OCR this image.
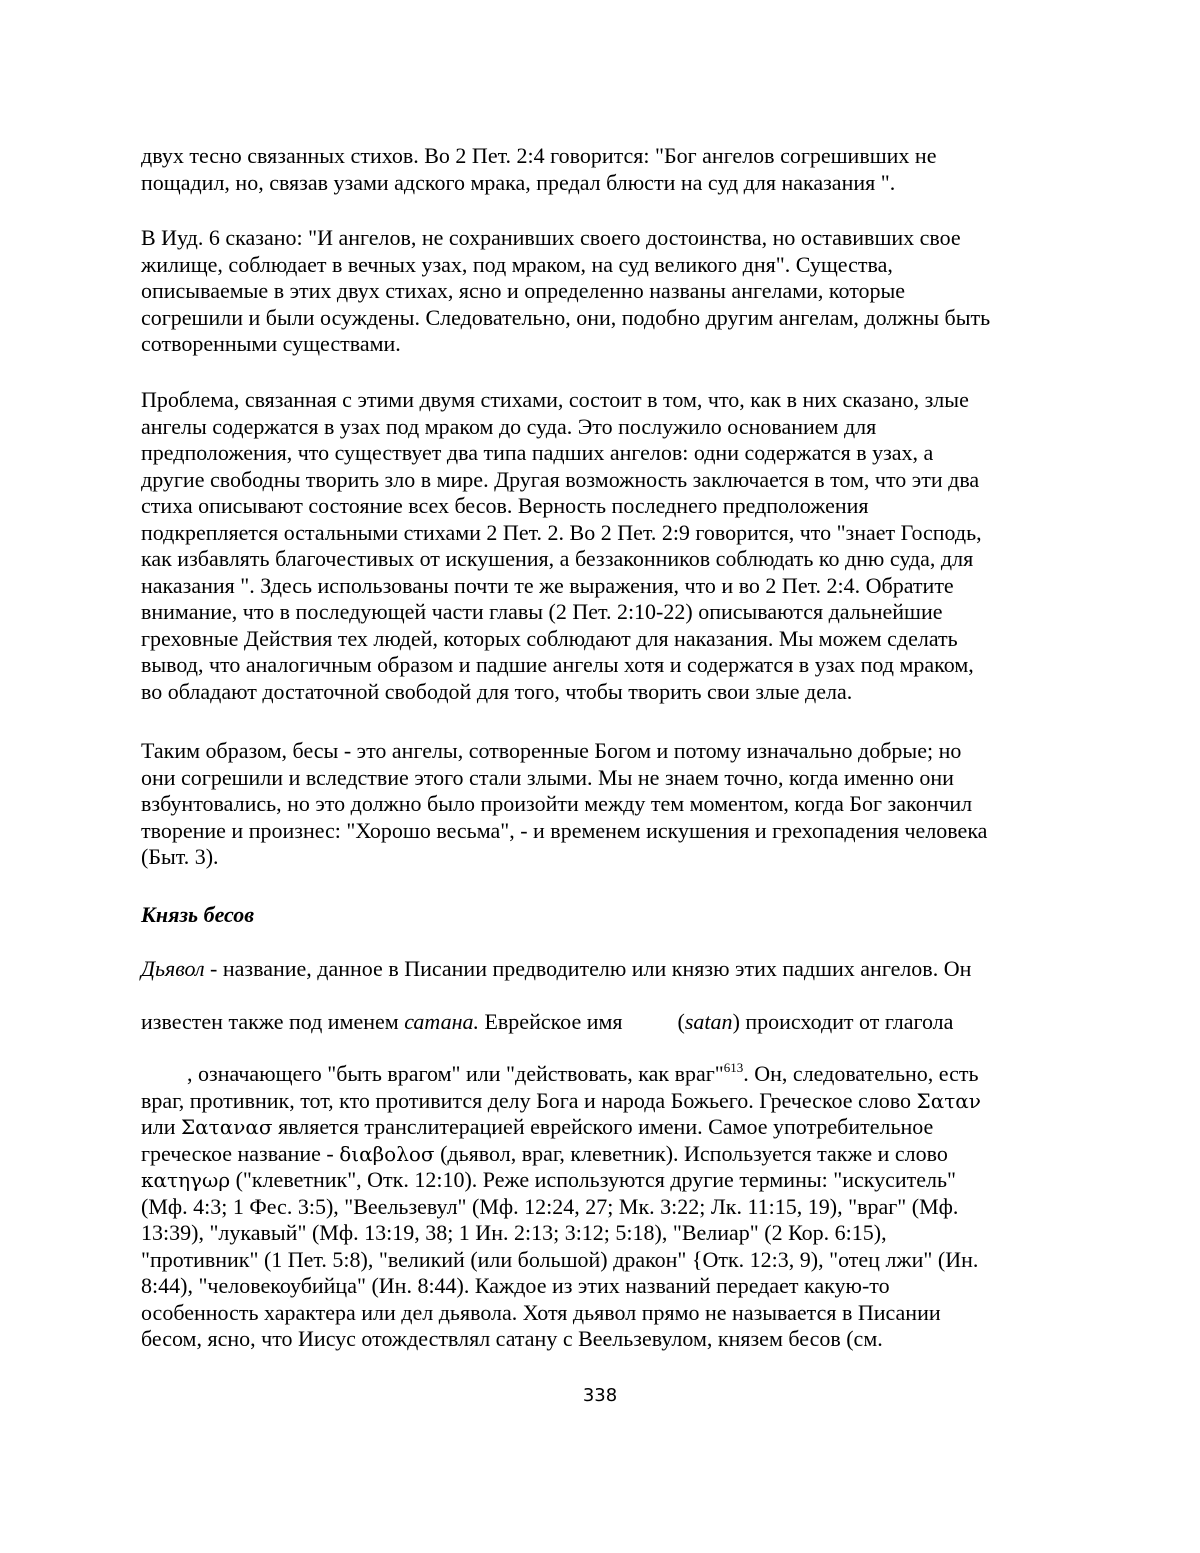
двух тесно связанных стихов. Во 2 Пет. 2:4 говорится: "Бог ангелов согрешивших не
пощадил, но, связав узами адского мрака, предал блюсти на суд для наказания ".
В Иуд. 6 сказано: "И ангелов, не сохранивших своего достоинства, но оставивших свое
жилище, соблюдает в вечных узах, под мраком, на суд великого дня". Существа,
описываемые в этих двух стихах, ясно и определенно названы ангелами, которые
согрешили и были осуждены. Следовательно, они, подобно другим ангелам, должны быть
сотворенными существами.
Проблема, связанная с этими двумя стихами, состоит в том, что, как в них сказано, злые
ангелы содержатся в узах под мраком до суда. Это послужило основанием для
предположения, что существует два типа падших ангелов: одни содержатся в узах, а
другие свободны творить зло в мире. Другая возможность заключается в том, что эти два
стиха описывают состояние всех бесов. Верность последнего предположения
подкрепляется остальными стихами 2 Пет. 2. Во 2 Пет. 2:9 говорится, что "знает Господь,
как избавлять благочестивых от искушения, а беззаконников соблюдать ко дню суда, для
наказания ". Здесь использованы почти те же выражения, что и во 2 Пет. 2:4. Обратите
внимание, что в последующей части главы (2 Пет. 2:10-22) описываются дальнейшие
греховные Действия тех людей, которых соблюдают для наказания. Мы можем сделать
вывод, что аналогичным образом и падшие ангелы хотя и содержатся в узах под мраком,
во обладают достаточной свободой для того, чтобы творить свои злые дела.
Таким образом, бесы - это ангелы, сотворенные Богом и потому изначально добрые; но
они согрешили и вследствие этого стали злыми. Мы не знаем точно, когда именно они
взбунтовались, но это должно было произойти между тем моментом, когда Бог закончил
творение и произнес: "Хорошо весьма", - и временем искушения и грехопадения человека
(Быт. 3).
Князь бесов
Дьявол - название, данное в Писании предводителю или князю этих падших ангелов. Он
известен также под именем сатана. Еврейское имя	(satan) происходит от глагола
, означающего "быть врагом" или "действовать, как враг"$^{613}$. Он, следовательно, есть
враг, противник, тот, кто противится делу Бога и народа Божьего. Греческое слово Σαταν
или Σατανασ является транслитерацией еврейского имени. Самое употребительное
греческое название - διαβολοσ (дьявол, враг, клеветник). Используется также и слово
κατηγωρ ("клеветник", Отк. 12:10). Реже используются другие термины: "искуситель"
(Мф. 4:3; 1 Фес. 3:5), "Веельзевул" (Мф. 12:24, 27; Мк. 3:22; Лк. 11:15, 19), "враг" (Мф.
13:39), "лукавый" (Мф. 13:19, 38; 1 Ин. 2:13; 3:12; 5:18), "Велиар" (2 Кор. 6:15),
"противник" (1 Пет. 5:8), "великий (или большой) дракон" {Отк. 12:3, 9), "отец лжи" (Ин.
8:44), "человекоубийца" (Ин. 8:44). Каждое из этих названий передает какую-то
особенность характера или дел дьявола. Хотя дьявол прямо не называется в Писании
бесом, ясно, что Иисус отождествлял сатану с Веельзевулом, князем бесов (см.
338
